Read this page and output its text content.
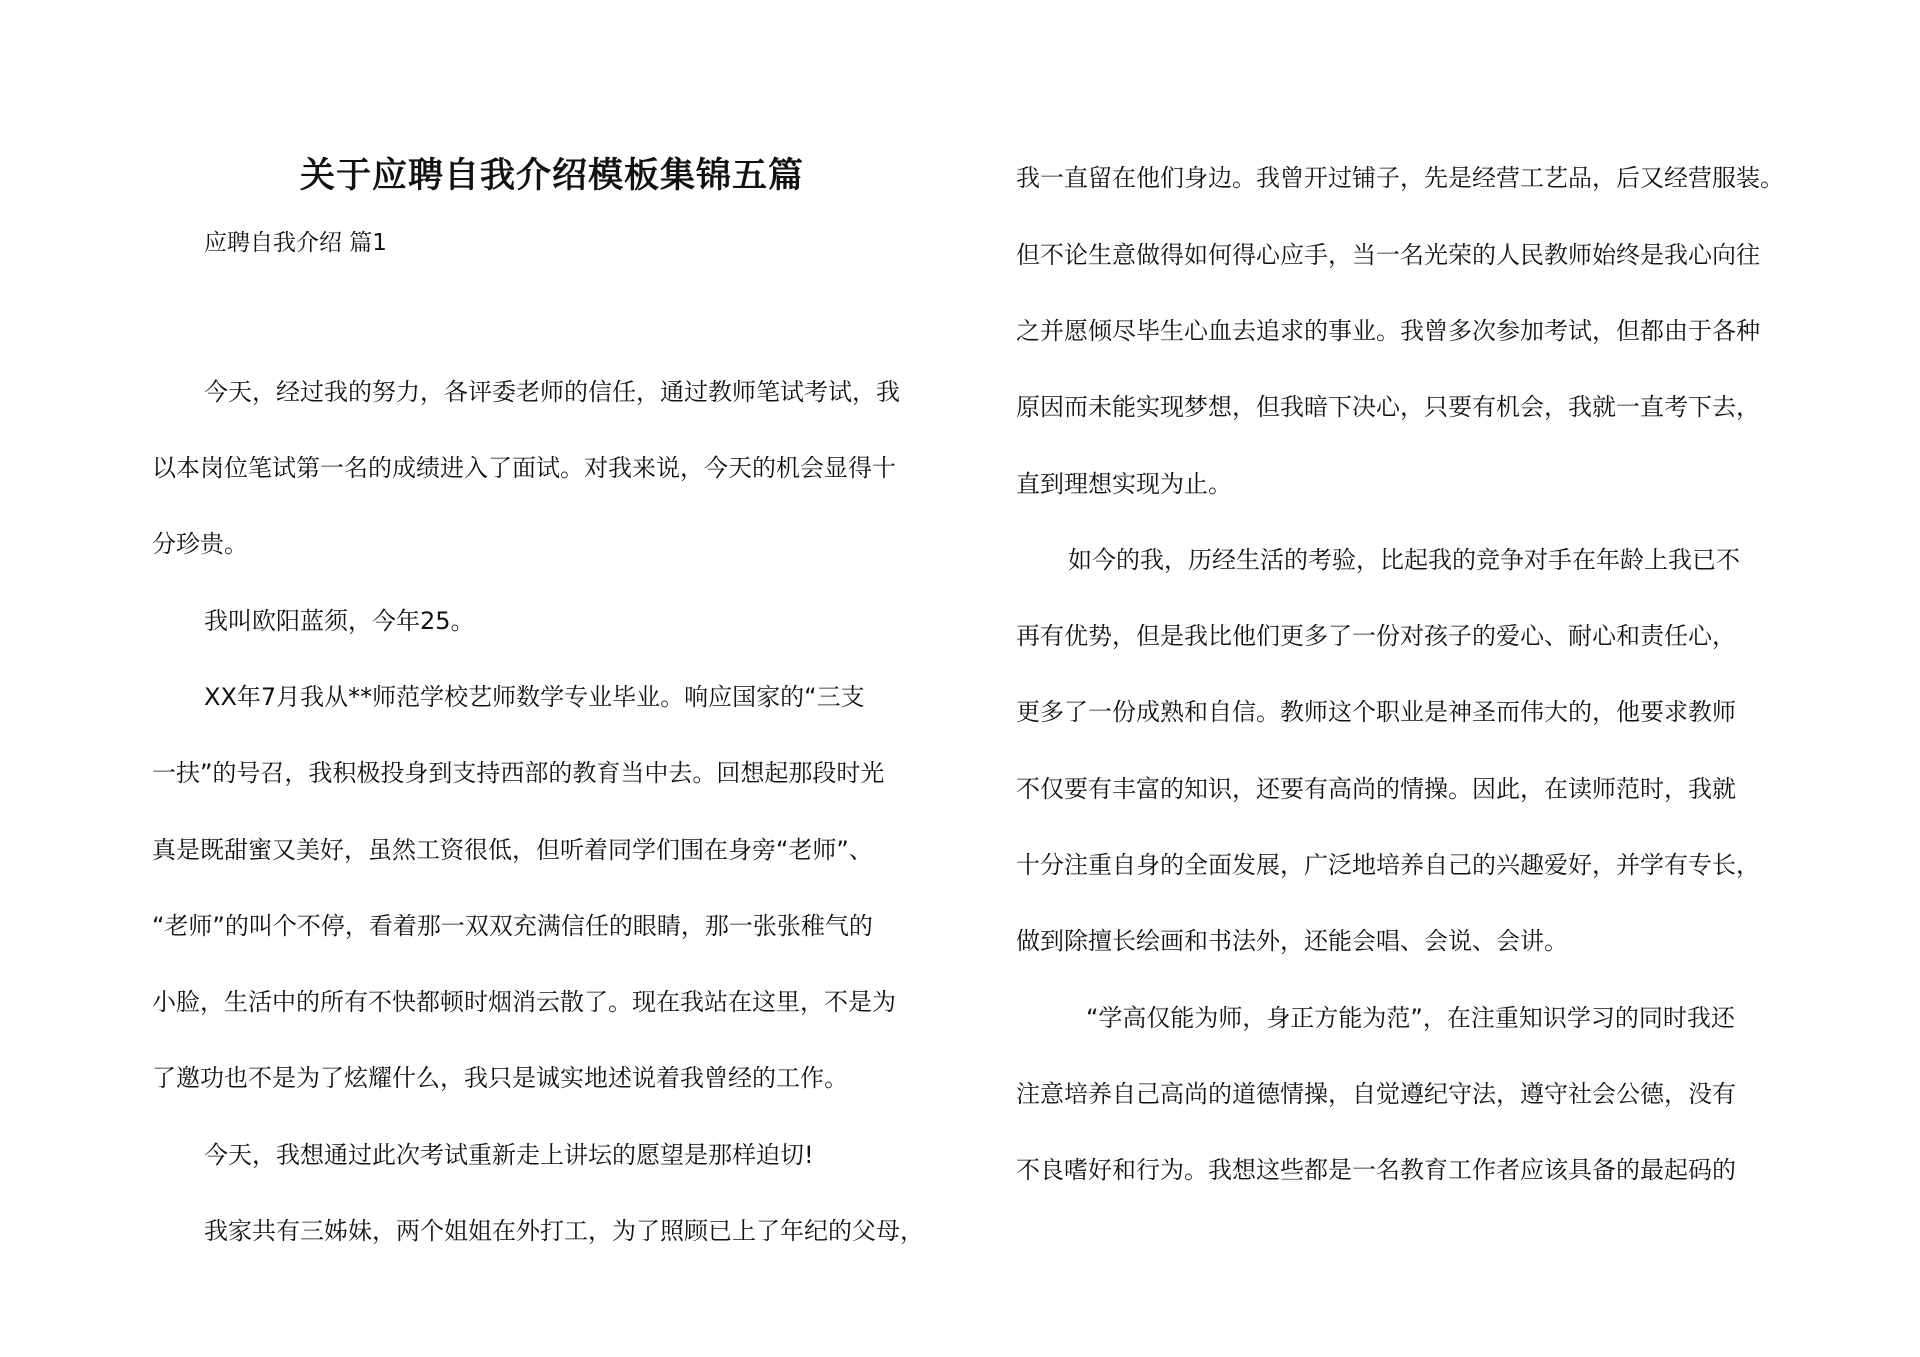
关于应聘自我介绍模板集锦五篇
应聘自我介绍 篇1
今天，经过我的努力，各评委老师的信任，通过教师笔试考试，我
以本岗位笔试第一名的成绩进入了面试。对我来说，今天的机会显得十
分珍贵。
我叫欧阳蓝须，今年25。
XX年7月我从**师范学校艺师数学专业毕业。响应国家的“三支
一扶”的号召，我积极投身到支持西部的教育当中去。回想起那段时光
真是既甜蜜又美好，虽然工资很低，但听着同学们围在身旁“老师”、
“老师”的叫个不停，看着那一双双充满信任的眼睛，那一张张稚气的
小脸，生活中的所有不快都顿时烟消云散了。现在我站在这里，不是为
了邀功也不是为了炫耀什么，我只是诚实地述说着我曾经的工作。
今天，我想通过此次考试重新走上讲坛的愿望是那样迫切!
我家共有三姊妹，两个姐姐在外打工，为了照顾已上了年纪的父母，
我一直留在他们身边。我曾开过铺子，先是经营工艺品，后又经营服装。
但不论生意做得如何得心应手，当一名光荣的人民教师始终是我心向往
之并愿倾尽毕生心血去追求的事业。我曾多次参加考试，但都由于各种
原因而未能实现梦想，但我暗下决心，只要有机会，我就一直考下去，
直到理想实现为止。
如今的我，历经生活的考验，比起我的竞争对手在年龄上我已不
再有优势，但是我比他们更多了一份对孩子的爱心、耐心和责任心，
更多了一份成熟和自信。教师这个职业是神圣而伟大的，他要求教师
不仅要有丰富的知识，还要有高尚的情操。因此，在读师范时，我就
十分注重自身的全面发展，广泛地培养自己的兴趣爱好，并学有专长，
做到除擅长绘画和书法外，还能会唱、会说、会讲。
“学高仅能为师，身正方能为范”，在注重知识学习的同时我还
注意培养自己高尚的道德情操，自觉遵纪守法，遵守社会公德，没有
不良嗜好和行为。我想这些都是一名教育工作者应该具备的最起码的
